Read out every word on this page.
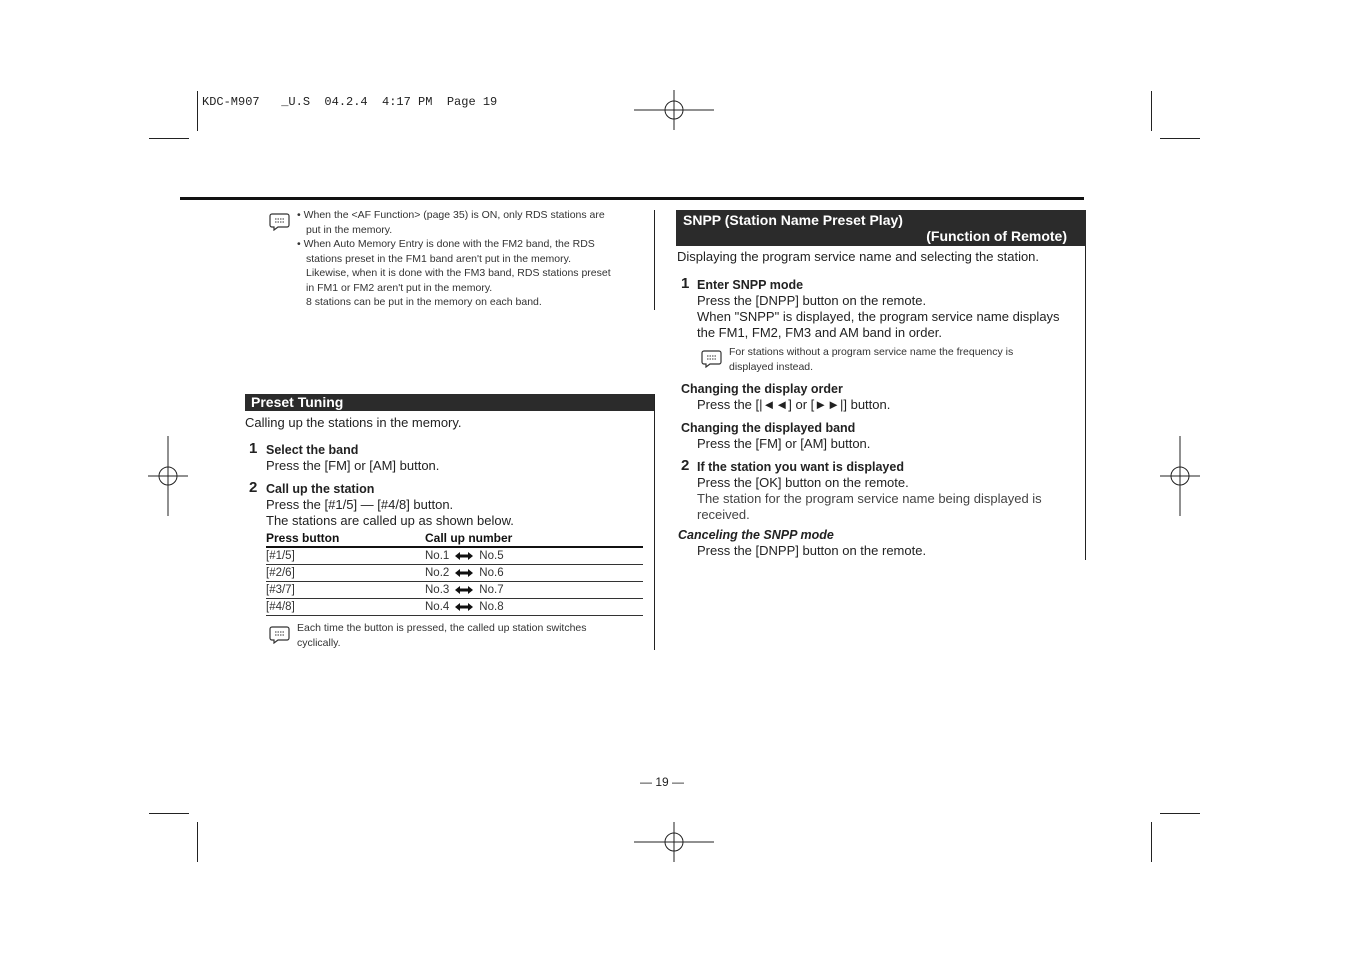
KDC-M907   _U.S  04.2.4  4:17 PM  Page 19
• When the <AF Function> (page 35) is ON, only RDS stations are
put in the memory.
• When Auto Memory Entry is done with the FM2 band, the RDS
stations preset in the FM1 band aren't put in the memory.
Likewise, when it is done with the FM3 band, RDS stations preset
in FM1 or FM2 aren't put in the memory.
8 stations can be put in the memory on each band.
Preset Tuning
Calling up the stations in the memory.
1 Select the band
Press the [FM] or [AM] button.
2 Call up the station
Press the [#1/5] — [#4/8] button.
The stations are called up as shown below.
Press button	Call up number
[#1/5]	No.1 No.5
[#2/6]	No.2 No.6
[#3/7]	No.3 No.7
[#4/8]	No.4 No.8
Each time the button is pressed, the called up station switches
cyclically.
SNPP (Station Name Preset Play)
(Function of Remote)
Displaying the program service name and selecting the station.
1 Enter SNPP mode
Press the [DNPP] button on the remote.
When "SNPP" is displayed, the program service name displays
the FM1, FM2, FM3 and AM band in order.
For stations without a program service name the frequency is
displayed instead.
Changing the display order
Press the [|◄◄] or [►►|] button.
Changing the displayed band
Press the [FM] or [AM] button.
2 If the station you want is displayed
Press the [OK] button on the remote.
The station for the program service name being displayed is
received.
Canceling the SNPP mode
Press the [DNPP] button on the remote.
— 19 —
